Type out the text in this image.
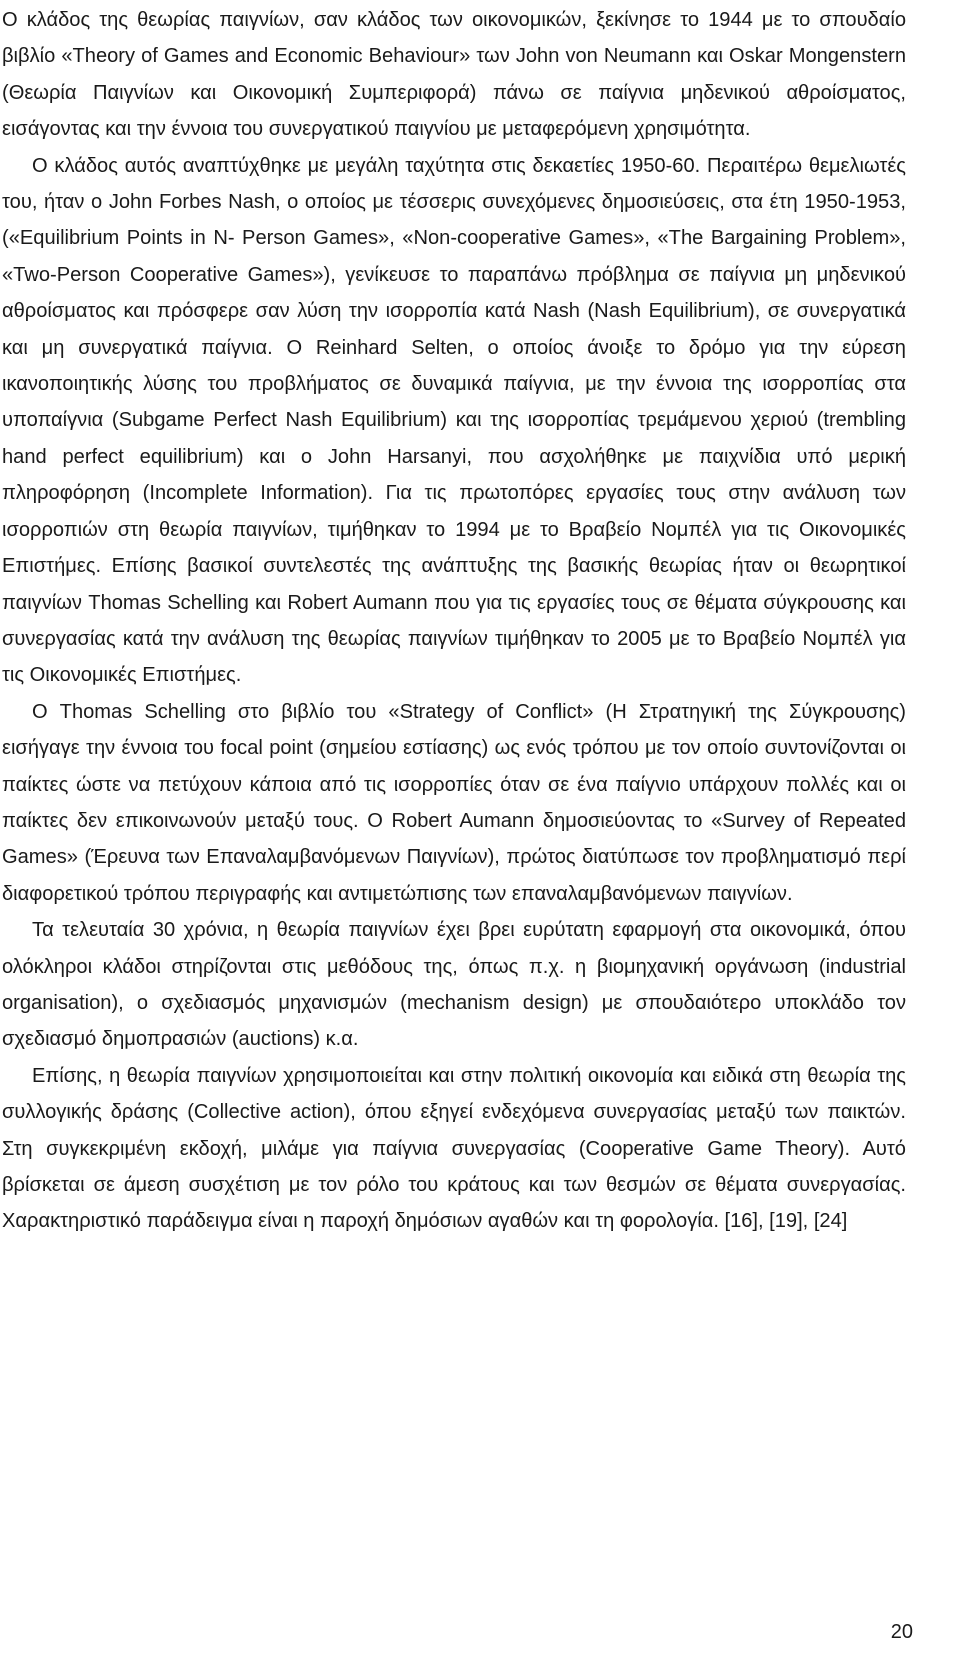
Ο κλάδος της θεωρίας παιγνίων, σαν κλάδος των οικονομικών, ξεκίνησε το 1944 με το σπουδαίο βιβλίο «Theory of Games and Economic Behaviour» των John von Neumann και Oskar Mongenstern (Θεωρία Παιγνίων και Οικονομική Συμπεριφορά) πάνω σε παίγνια μηδενικού αθροίσματος, εισάγοντας και την έννοια του συνεργατικού παιγνίου με μεταφερόμενη χρησιμότητα.

Ο κλάδος αυτός αναπτύχθηκε με μεγάλη ταχύτητα στις δεκαετίες 1950-60. Περαιτέρω θεμελιωτές του, ήταν ο John Forbes Nash, ο οποίος με τέσσερις συνεχόμενες δημοσιεύσεις, στα έτη 1950-1953, («Equilibrium Points in N- Person Games», «Non-cooperative Games», «The Bargaining Problem», «Two-Person Cooperative Games»), γενίκευσε το παραπάνω πρόβλημα σε παίγνια μη μηδενικού αθροίσματος και πρόσφερε σαν λύση την ισορροπία κατά Nash (Nash Equilibrium), σε συνεργατικά και μη συνεργατικά παίγνια. Ο Reinhard Selten, ο οποίος άνοιξε το δρόμο για την εύρεση ικανοποιητικής λύσης του προβλήματος σε δυναμικά παίγνια, με την έννοια της ισορροπίας στα υποπαίγνια (Subgame Perfect Nash Equilibrium) και της ισορροπίας τρεμάμενου χεριού (trembling hand perfect equilibrium) και ο John Harsanyi, που ασχολήθηκε με παιχνίδια υπό μερική πληροφόρηση (Incomplete Information). Για τις πρωτοπόρες εργασίες τους στην ανάλυση των ισορροπιών στη θεωρία παιγνίων, τιμήθηκαν το 1994 με το Βραβείο Νομπέλ για τις Οικονομικές Επιστήμες. Επίσης βασικοί συντελεστές της ανάπτυξης της βασικής θεωρίας ήταν οι θεωρητικοί παιγνίων Thomas Schelling και Robert Aumann που για τις εργασίες τους σε θέματα σύγκρουσης και συνεργασίας κατά την ανάλυση της θεωρίας παιγνίων τιμήθηκαν το 2005 με το Βραβείο Νομπέλ για τις Οικονομικές Επιστήμες.

Ο Thomas Schelling στο βιβλίο του «Strategy of Conflict» (Η Στρατηγική της Σύγκρουσης) εισήγαγε την έννοια του focal point (σημείου εστίασης) ως ενός τρόπου με τον οποίο συντονίζονται οι παίκτες ώστε να πετύχουν κάποια από τις ισορροπίες όταν σε ένα παίγνιο υπάρχουν πολλές και οι παίκτες δεν επικοινωνούν μεταξύ τους. Ο Robert Aumann δημοσιεύοντας το «Survey of Repeated Games» (Έρευνα των Επαναλαμβανόμενων Παιγνίων), πρώτος διατύπωσε τον προβληματισμό περί διαφορετικού τρόπου περιγραφής και αντιμετώπισης των επαναλαμβανόμενων παιγνίων.

Τα τελευταία 30 χρόνια, η θεωρία παιγνίων έχει βρει ευρύτατη εφαρμογή στα οικονομικά, όπου ολόκληροι κλάδοι στηρίζονται στις μεθόδους της, όπως π.χ. η βιομηχανική οργάνωση (industrial organisation), ο σχεδιασμός μηχανισμών (mechanism design) με σπουδαιότερο υποκλάδο τον σχεδιασμό δημοπρασιών (auctions) κ.α.

Επίσης, η θεωρία παιγνίων χρησιμοποιείται και στην πολιτική οικονομία και ειδικά στη θεωρία της συλλογικής δράσης (Collective action), όπου εξηγεί ενδεχόμενα συνεργασίας μεταξύ των παικτών. Στη συγκεκριμένη εκδοχή, μιλάμε για παίγνια συνεργασίας (Cooperative Game Theory). Αυτό βρίσκεται σε άμεση συσχέτιση με τον ρόλο του κράτους και των θεσμών σε θέματα συνεργασίας. Χαρακτηριστικό παράδειγμα είναι η παροχή δημόσιων αγαθών και τη φορολογία. [16], [19], [24]

20
